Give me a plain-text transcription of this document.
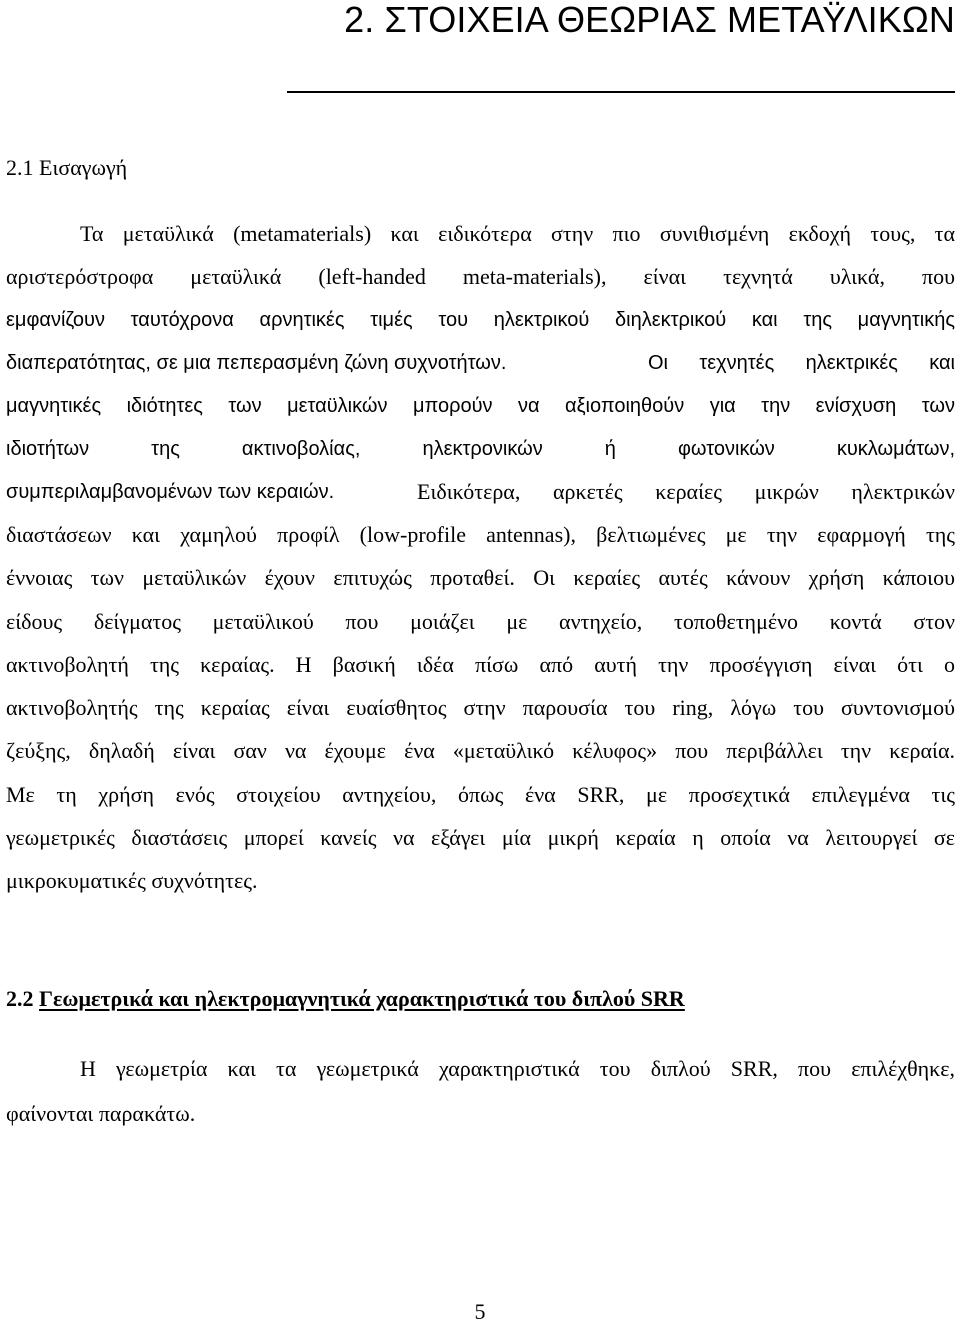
2. ΣΤΟΙΧΕΙΑ ΘΕΩΡΙΑΣ ΜΕΤΑΫΛΙΚΩΝ
2.1 Εισαγωγή
Τα μεταϋλικά (metamaterials) και ειδικότερα στην πιο συνιθισμένη εκδοχή τους, τα
αριστερόστροφα μεταϋλικά (left-handed meta-materials), είναι τεχνητά υλικά, που
εμφανίζουν ταυτόχρονα αρνητικές τιμές του ηλεκτρικού διηλεκτρικού και της μαγνητικής
διαπερατότητας, σε μια πεπερασμένη ζώνη συχνοτήτων.	Οι τεχνητές ηλεκτρικές και
μαγνητικές ιδιότητες των μεταϋλικών μπορούν να αξιοποιηθούν για την ενίσχυση των
ιδιοτήτων της ακτινοβολίας, ηλεκτρονικών ή φωτονικών κυκλωμάτων,
συμπεριλαμβανομένων των κεραιών.	Ειδικότερα, αρκετές κεραίες μικρών ηλεκτρικών
διαστάσεων και χαμηλού προφίλ (low-profile antennas), βελτιωμένες με την εφαρμογή της
έννοιας των μεταϋλικών έχουν επιτυχώς προταθεί. Οι κεραίες αυτές κάνουν χρήση κάποιου
είδους δείγματος μεταϋλικού που μοιάζει με αντηχείο, τοποθετημένο κοντά στον
ακτινοβολητή της κεραίας. Η βασική ιδέα πίσω από αυτή την προσέγγιση είναι ότι ο
ακτινοβολητής της κεραίας είναι ευαίσθητος στην παρουσία του ring, λόγω του συντονισμού
ζεύξης, δηλαδή είναι σαν να έχουμε ένα «μεταϋλικό κέλυφος» που περιβάλλει την κεραία.
Με τη χρήση ενός στοιχείου αντηχείου, όπως ένα SRR, με προσεχτικά επιλεγμένα τις
γεωμετρικές διαστάσεις μπορεί κανείς να εξάγει μία μικρή κεραία η οποία να λειτουργεί σε
μικροκυματικές συχνότητες.
2.2 Γεωμετρικά και ηλεκτρομαγνητικά χαρακτηριστικά του διπλού SRR
Η γεωμετρία και τα γεωμετρικά χαρακτηριστικά του διπλού SRR, που επιλέχθηκε,
φαίνονται παρακάτω.
5
